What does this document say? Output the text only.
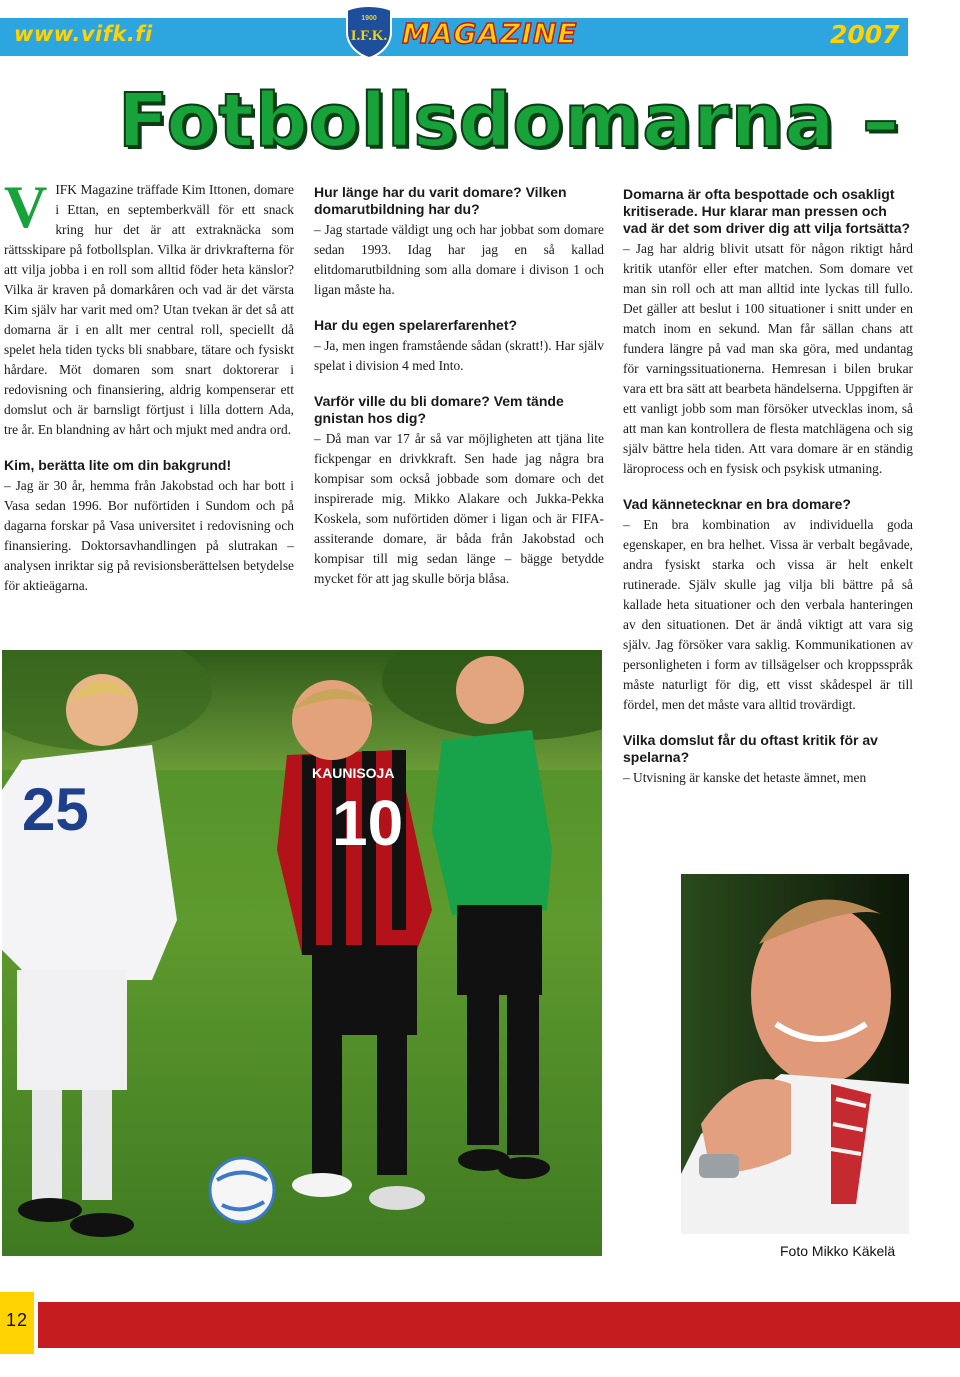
www.vifk.fi
1900
I.F.K. MAGAZINE	2007
Fotbollsdomarna –

VIFK Magazine träffade Kim Ittonen, domare i Ettan, en septemberkväll för ett snack kring hur det är att extraknäcka som rättsskipare på fotbollsplan. Vilka är drivkrafterna för att vilja jobba i en roll som alltid föder heta känslor? Vilka är kraven på domarkåren och vad är det värsta Kim själv har varit med om? Utan tvekan är det så att domarna är i en allt mer central roll, speciellt då spelet hela tiden tycks bli snabbare, tätare och fysiskt hårdare. Möt domaren som snart doktorerar i redovisning och finansiering, aldrig kompenserar ett domslut och är barnsligt förtjust i lilla dottern Ada, tre år. En blandning av hårt och mjukt med andra ord.

Kim, berätta lite om din bakgrund!

– Jag är 30 år, hemma från Jakobstad och har bott i Vasa sedan 1996. Bor nuförtiden i Sundom och på dagarna forskar på Vasa universitet i redovisning och finansiering. Doktorsavhandlingen på slutrakan – analysen inriktar sig på revisionsberättelsen betydelse för aktieägarna.

Hur länge har du varit domare? Vilken domarutbildning har du?

– Jag startade väldigt ung och har jobbat som domare sedan 1993. Idag har jag en så kallad elitdomarutbildning som alla domare i divison 1 och ligan måste ha.

Har du egen spelarerfarenhet?

– Ja, men ingen framstående sådan (skratt!). Har själv spelat i division 4 med Into.

Varför ville du bli domare? Vem tände gnistan hos dig?

– Då man var 17 år så var möjligheten att tjäna lite fickpengar en drivkkraft. Sen hade jag några bra kompisar som också jobbade som domare och det inspirerade mig. Mikko Alakare och Jukka-Pekka Koskela, som nuförtiden dömer i ligan och är FIFA-assiterande domare, är båda från Jakobstad och kompisar till mig sedan länge – bägge betydde mycket för att jag skulle börja blåsa.

Domarna är ofta bespottade och osakligt kritiserade. Hur klarar man pressen och vad är det som driver dig att vilja fortsätta?

– Jag har aldrig blivit utsatt för någon riktigt hård kritik utanför eller efter matchen. Som domare vet man sin roll och att man alltid inte lyckas till fullo. Det gäller att beslut i 100 situationer i snitt under en match inom en sekund. Man får sällan chans att fundera längre på vad man ska göra, med undantag för varningssituationerna. Hemresan i bilen brukar vara ett bra sätt att bearbeta händelserna. Uppgiften är ett vanligt jobb som man försöker utvecklas inom, så att man kan kontrollera de flesta matchlägena och sig själv bättre hela tiden. Att vara domare är en ständig läroprocess och en fysisk och psykisk utmaning.

Vad kännetecknar en bra domare?

– En bra kombination av individuella goda egenskaper, en bra helhet. Vissa är verbalt begåvade, andra fysiskt starka och vissa är helt enkelt rutinerade. Själv skulle jag vilja bli bättre på så kallade heta situationer och den verbala hanteringen av den situationen. Det är ändå viktigt att vara sig själv. Jag försöker vara saklig. Kommunikationen av personligheten i form av tillsägelser och kroppsspråk måste naturligt för dig, ett visst skådespel är till fördel, men det måste vara alltid trovärdigt.

Vilka domslut får du oftast kritik för av spelarna?

– Utvisning är kanske det hetaste ämnet, men

25	10
KAUNISOJA
Foto Mikko Käkelä
12
